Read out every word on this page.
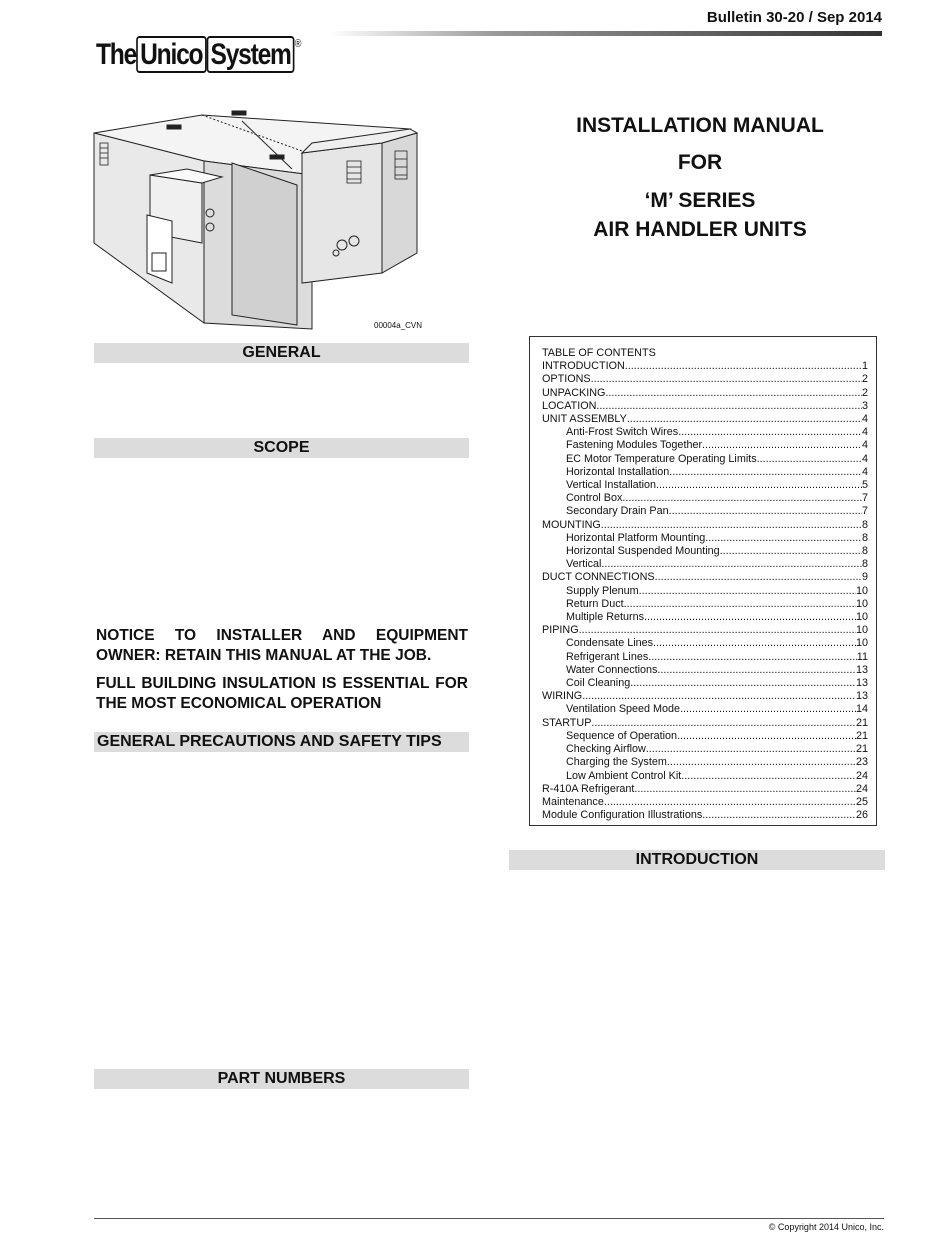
Bulletin 30-20 / Sep 2014
The Unico System ®
00004a_CVN
INSTALLATION MANUAL
FOR
‘M’ SERIES
AIR HANDLER UNITS
GENERAL
SCOPE
NOTICE TO INSTALLER AND EQUIPMENT OWNER: RETAIN THIS MANUAL AT THE JOB.
FULL BUILDING INSULATION IS ESSENTIAL FOR THE MOST ECONOMICAL OPERATION
GENERAL PRECAUTIONS AND SAFETY TIPS
PART NUMBERS
TABLE OF CONTENTS
INTRODUCTION .....	1
OPTIONS .....	2
UNPACKING .....	2
LOCATION .....	3
UNIT ASSEMBLY .....	4
Anti-Frost Switch Wires .....	4
Fastening Modules Together .....	4
EC Motor Temperature Operating Limits .....	4
Horizontal Installation .....	4
Vertical Installation .....	5
Control Box .....	7
Secondary Drain Pan .....	7
MOUNTING .....	8
Horizontal Platform Mounting .....	8
Horizontal Suspended Mounting .....	8
Vertical .....	8
DUCT CONNECTIONS .....	9
Supply Plenum .....	10
Return Duct .....	10
Multiple Returns .....	10
PIPING .....	10
Condensate Lines .....	10
Refrigerant Lines .....	11
Water Connections .....	13
Coil Cleaning .....	13
WIRING .....	13
Ventilation Speed Mode .....	14
STARTUP .....	21
Sequence of Operation .....	21
Checking Airflow .....	21
Charging the System .....	23
Low Ambient Control Kit .....	24
R-410A Refrigerant .....	24
Maintenance .....	25
Module Configuration Illustrations .....	26
INTRODUCTION
© Copyright 2014 Unico, Inc.
